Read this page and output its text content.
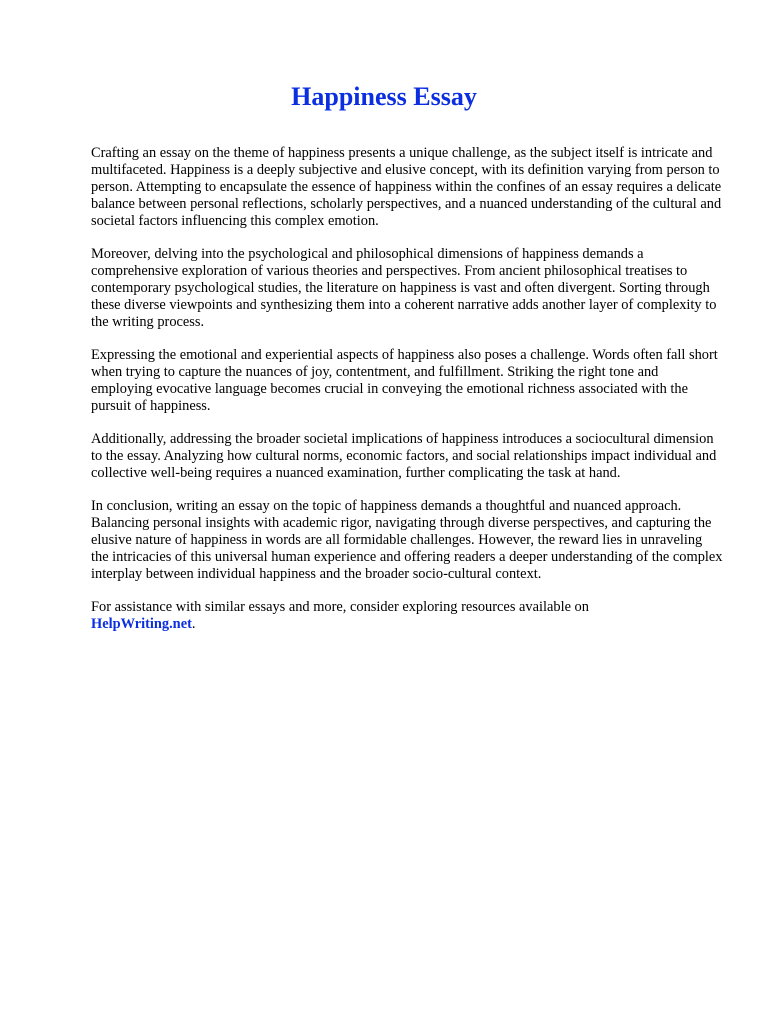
Happiness Essay

Crafting an essay on the theme of happiness presents a unique challenge, as the subject itself is intricate and multifaceted. Happiness is a deeply subjective and elusive concept, with its definition varying from person to person. Attempting to encapsulate the essence of happiness within the confines of an essay requires a delicate balance between personal reflections, scholarly perspectives, and a nuanced understanding of the cultural and societal factors influencing this complex emotion.

Moreover, delving into the psychological and philosophical dimensions of happiness demands a comprehensive exploration of various theories and perspectives. From ancient philosophical treatises to contemporary psychological studies, the literature on happiness is vast and often divergent. Sorting through these diverse viewpoints and synthesizing them into a coherent narrative adds another layer of complexity to the writing process.

Expressing the emotional and experiential aspects of happiness also poses a challenge. Words often fall short when trying to capture the nuances of joy, contentment, and fulfillment. Striking the right tone and employing evocative language becomes crucial in conveying the emotional richness associated with the pursuit of happiness.

Additionally, addressing the broader societal implications of happiness introduces a sociocultural dimension to the essay. Analyzing how cultural norms, economic factors, and social relationships impact individual and collective well-being requires a nuanced examination, further complicating the task at hand.

In conclusion, writing an essay on the topic of happiness demands a thoughtful and nuanced approach. Balancing personal insights with academic rigor, navigating through diverse perspectives, and capturing the elusive nature of happiness in words are all formidable challenges. However, the reward lies in unraveling the intricacies of this universal human experience and offering readers a deeper understanding of the complex interplay between individual happiness and the broader socio-cultural context.

For assistance with similar essays and more, consider exploring resources available on
HelpWriting.net.
